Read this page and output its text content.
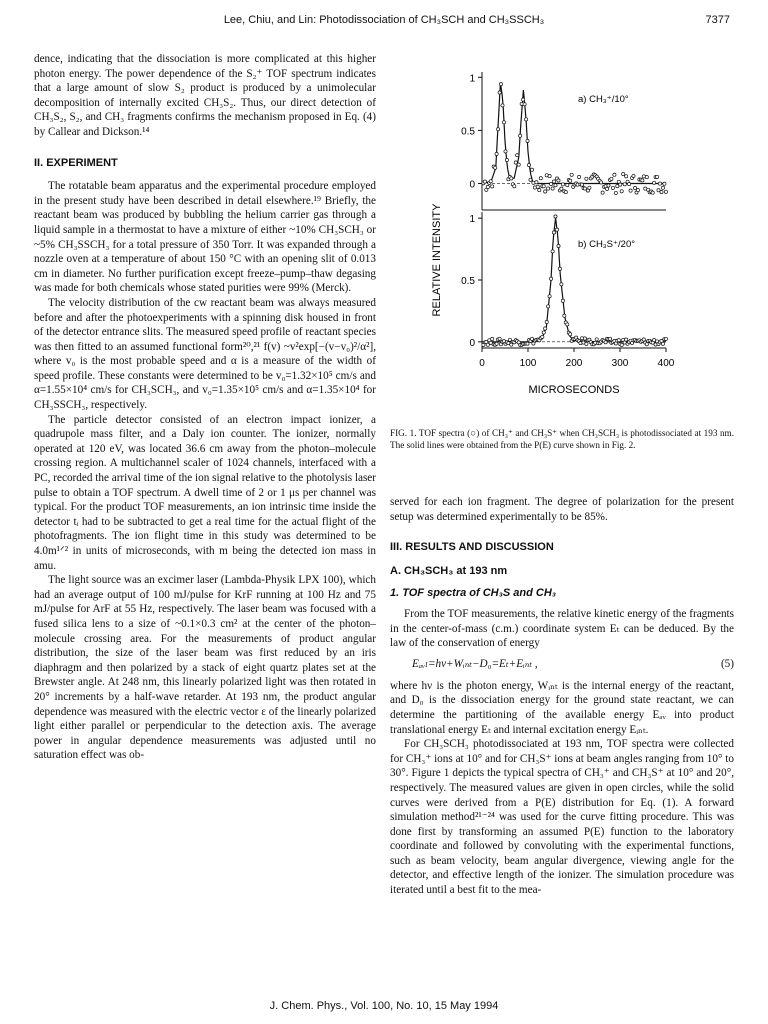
Lee, Chiu, and Lin: Photodissociation of CH₃SCH and CH₃SSCH₃	7377

dence, indicating that the dissociation is more complicated at this higher photon energy. The power dependence of the S₂⁺ TOF spectrum indicates that a large amount of slow S₂ product is produced by a unimolecular decomposition of internally excited CH₃S₂. Thus, our direct detection of CH₃S₂, S₂, and CH₃ fragments confirms the mechanism proposed in Eq. (4) by Callear and Dickson.¹⁴

II. EXPERIMENT

The rotatable beam apparatus and the experimental procedure employed in the present study have been described in detail elsewhere.¹⁹ Briefly, the reactant beam was produced by bubbling the helium carrier gas through a liquid sample in a thermostat to have a mixture of either ~10% CH₃SCH₃ or ~5% CH₃SSCH₃ for a total pressure of 350 Torr. It was expanded through a nozzle oven at a temperature of about 150 °C with an opening slit of 0.013 cm in diameter. No further purification except freeze–pump–thaw degasing was made for both chemicals whose stated purities were 99% (Merck).

The velocity distribution of the cw reactant beam was always measured before and after the photoexperiments with a spinning disk housed in front of the detector entrance slits. The measured speed profile of reactant species was then fitted to an assumed functional form²⁰,²¹ f(v) ~v²exp[−(v−v₀)²/α²], where v₀ is the most probable speed and α is a measure of the width of speed profile. These constants were determined to be v₀=1.32×10⁵ cm/s and α=1.55×10⁴ cm/s for CH₃SCH₃, and v₀=1.35×10⁵ cm/s and α=1.35×10⁴ for CH₃SSCH₃, respectively.

The particle detector consisted of an electron impact ionizer, a quadrupole mass filter, and a Daly ion counter. The ionizer, normally operated at 120 eV, was located 36.6 cm away from the photon–molecule crossing region. A multichannel scaler of 1024 channels, interfaced with a PC, recorded the arrival time of the ion signal relative to the photolysis laser pulse to obtain a TOF spectrum. A dwell time of 2 or 1 μs per channel was typical. For the product TOF measurements, an ion intrinsic time inside the detector tᵢ had to be subtracted to get a real time for the actual flight of the photofragments. The ion flight time in this study was determined to be 4.0m¹ᐟ² in units of microseconds, with m being the detected ion mass in amu.

The light source was an excimer laser (Lambda-Physik LPX 100), which had an average output of 100 mJ/pulse for KrF running at 100 Hz and 75 mJ/pulse for ArF at 55 Hz, respectively. The laser beam was focused with a fused silica lens to a size of ~0.1×0.3 cm² at the center of the photon–molecule crossing area. For the measurements of product angular distribution, the size of the laser beam was first reduced by an iris diaphragm and then polarized by a stack of eight quartz plates set at the Brewster angle. At 248 nm, this linearly polarized light was then rotated in 20° increments by a half-wave retarder. At 193 nm, the product angular dependence was measured with the electric vector ε of the linearly polarized light either parallel or perpendicular to the detection axis. The average power in angular dependence measurements was adjusted until no saturation effect was ob-

RELATIVE INTENSITY
MICROSECONDS
a) CH₃⁺/10°
b) CH₃S⁺/20°
1
0.5
0
1
0.5
0
0	100	200	300	400
FIG. 1. TOF spectra (○) of CH₃⁺ and CH₃S⁺ when CH₃SCH₃ is photodissociated at 193 nm. The solid lines were obtained from the P(E) curve shown in Fig. 2.

served for each ion fragment. The degree of polarization for the present setup was determined experimentally to be 85%.

III. RESULTS AND DISCUSSION
A. CH₃SCH₃ at 193 nm
1. TOF spectra of CH₃S and CH₃

From the TOF measurements, the relative kinetic energy of the fragments in the center-of-mass (c.m.) coordinate system Eₜ can be deduced. By the law of the conservation of energy

Eₐᵥₗ=hν+Wᵢₙₜ−D₀=Eₜ+Eᵢₙₜ ,	(5)

where hν is the photon energy, Wᵢₙₜ is the internal energy of the reactant, and D₀ is the dissociation energy for the ground state reactant, we can determine the partitioning of the available energy Eₐᵥ into product translational energy Eₜ and internal excitation energy Eᵢₙₜ.

For CH₃SCH₃ photodissociated at 193 nm, TOF spectra were collected for CH₃⁺ ions at 10° and for CH₃S⁺ ions at beam angles ranging from 10° to 30°. Figure 1 depicts the typical spectra of CH₃⁺ and CH₃S⁺ at 10° and 20°, respectively. The measured values are given in open circles, while the solid curves were derived from a P(E) distribution for Eq. (1). A forward simulation method²¹⁻²⁴ was used for the curve fitting procedure. This was done first by transforming an assumed P(E) function to the laboratory coordinate and followed by convoluting with the experimental functions, such as beam velocity, beam angular divergence, viewing angle for the detector, and effective length of the ionizer. The simulation procedure was iterated until a best fit to the mea-

J. Chem. Phys., Vol. 100, No. 10, 15 May 1994
